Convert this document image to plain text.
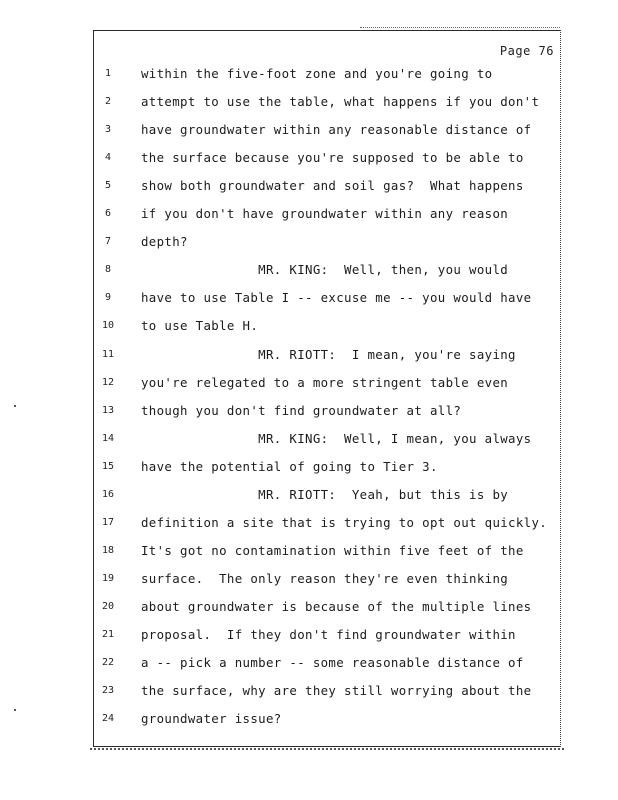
Page 76
1	within the five-foot zone and you're going to
2	attempt to use the table, what happens if you don't
3	have groundwater within any reasonable distance of
4	the surface because you're supposed to be able to
5	show both groundwater and soil gas?  What happens
6	if you don't have groundwater within any reason
7	depth?
8	MR. KING:  Well, then, you would
9	have to use Table I -- excuse me -- you would have
10	to use Table H.
11	MR. RIOTT:  I mean, you're saying
12	you're relegated to a more stringent table even
13	though you don't find groundwater at all?
14	MR. KING:  Well, I mean, you always
15	have the potential of going to Tier 3.
16	MR. RIOTT:  Yeah, but this is by
17	definition a site that is trying to opt out quickly.
18	It's got no contamination within five feet of the
19	surface.  The only reason they're even thinking
20	about groundwater is because of the multiple lines
21	proposal.  If they don't find groundwater within
22	a -- pick a number -- some reasonable distance of
23	the surface, why are they still worrying about the
24	groundwater issue?
